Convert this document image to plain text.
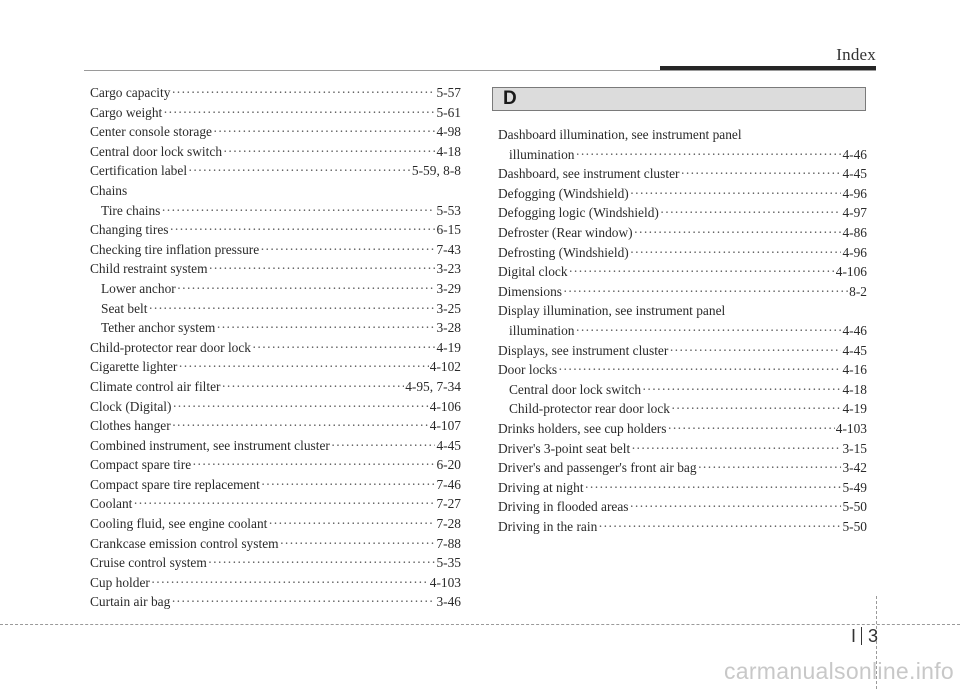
Index
Cargo capacity ·····	5-57
Cargo weight ·····	5-61
Center console storage ·····	4-98
Central door lock switch ·····	4-18
Certification label ·····	5-59, 8-8
Chains
Tire chains ·····	5-53
Changing tires ·····	6-15
Checking tire inflation pressure ·····	7-43
Child restraint system ·····	3-23
Lower anchor ·····	3-29
Seat belt ·····	3-25
Tether anchor system ·····	3-28
Child-protector rear door lock ·····	4-19
Cigarette lighter ·····	4-102
Climate control air filter ·····	4-95, 7-34
Clock (Digital) ·····	4-106
Clothes hanger ·····	4-107
Combined instrument, see instrument cluster ·····	4-45
Compact spare tire ·····	6-20
Compact spare tire replacement ·····	7-46
Coolant ·····	7-27
Cooling fluid, see engine coolant ·····	7-28
Crankcase emission control system ·····	7-88
Cruise control system ·····	5-35
Cup holder ·····	4-103
Curtain air bag ·····	3-46
D
Dashboard illumination, see instrument panel
illumination ·····	4-46
Dashboard, see instrument cluster ·····	4-45
Defogging (Windshield) ·····	4-96
Defogging logic (Windshield) ·····	4-97
Defroster (Rear window) ·····	4-86
Defrosting (Windshield) ·····	4-96
Digital clock ·····	4-106
Dimensions ·····	8-2
Display illumination, see instrument panel
illumination ·····	4-46
Displays, see instrument cluster ·····	4-45
Door locks ·····	4-16
Central door lock switch ·····	4-18
Child-protector rear door lock ·····	4-19
Drinks holders, see cup holders ·····	4-103
Driver's 3-point seat belt ·····	3-15
Driver's and passenger's front air bag ·····	3-42
Driving at night ·····	5-49
Driving in flooded areas ·····	5-50
Driving in the rain ·····	5-50
I 3
carmanualsonline.info
